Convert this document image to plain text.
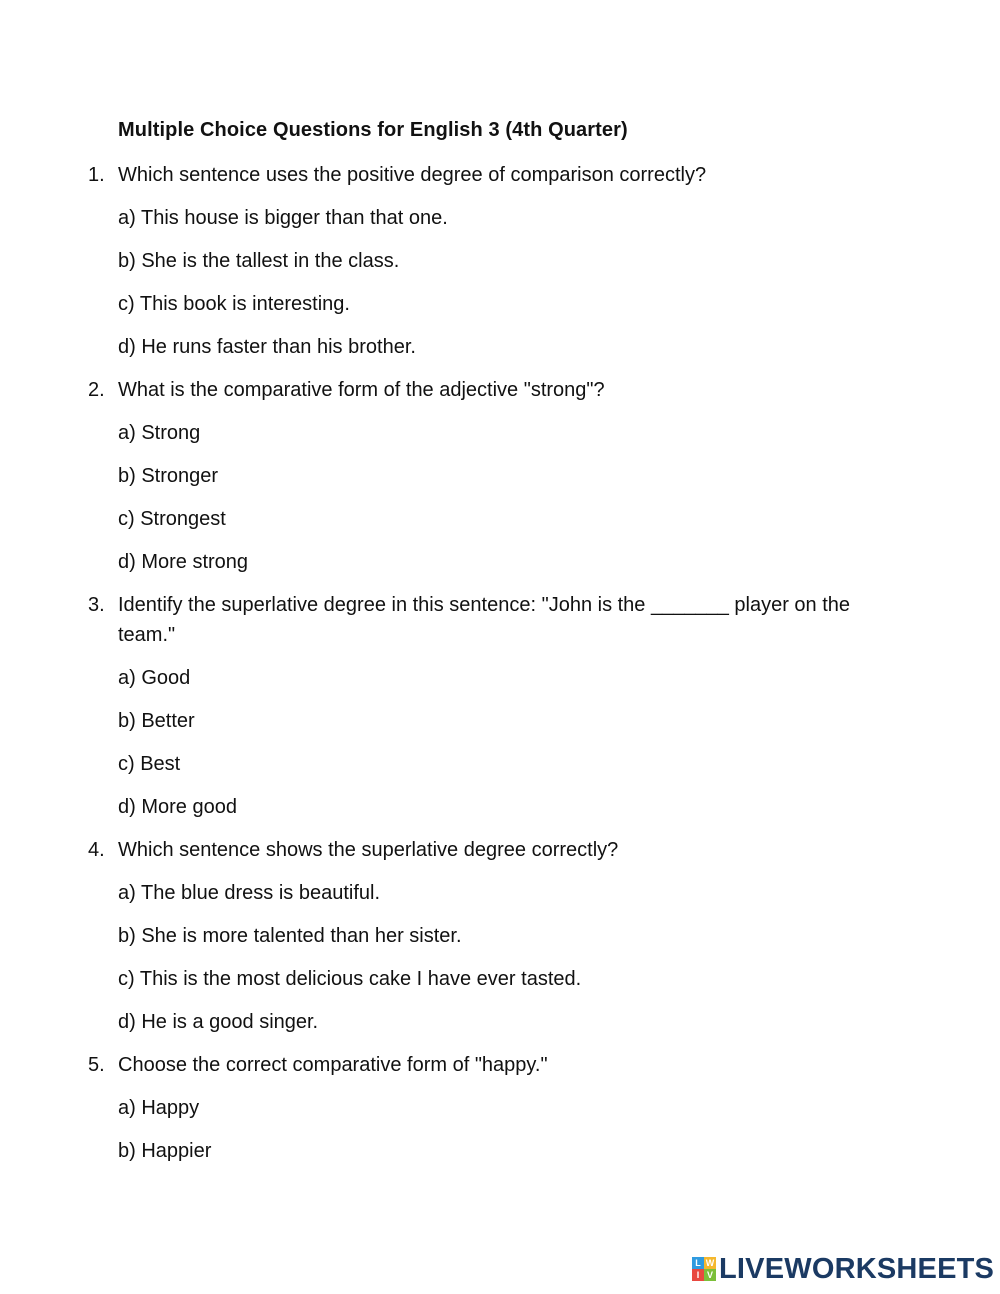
Multiple Choice Questions for English 3 (4th Quarter)
1. Which sentence uses the positive degree of comparison correctly?
a) This house is bigger than that one.
b) She is the tallest in the class.
c) This book is interesting.
d) He runs faster than his brother.
2. What is the comparative form of the adjective "strong"?
a) Strong
b) Stronger
c) Strongest
d) More strong
3. Identify the superlative degree in this sentence: "John is the _______ player on the team."
a) Good
b) Better
c) Best
d) More good
4. Which sentence shows the superlative degree correctly?
a) The blue dress is beautiful.
b) She is more talented than her sister.
c) This is the most delicious cake I have ever tasted.
d) He is a good singer.
5. Choose the correct comparative form of "happy."
a) Happy
b) Happier
L W
I V LIVEWORKSHEETS
